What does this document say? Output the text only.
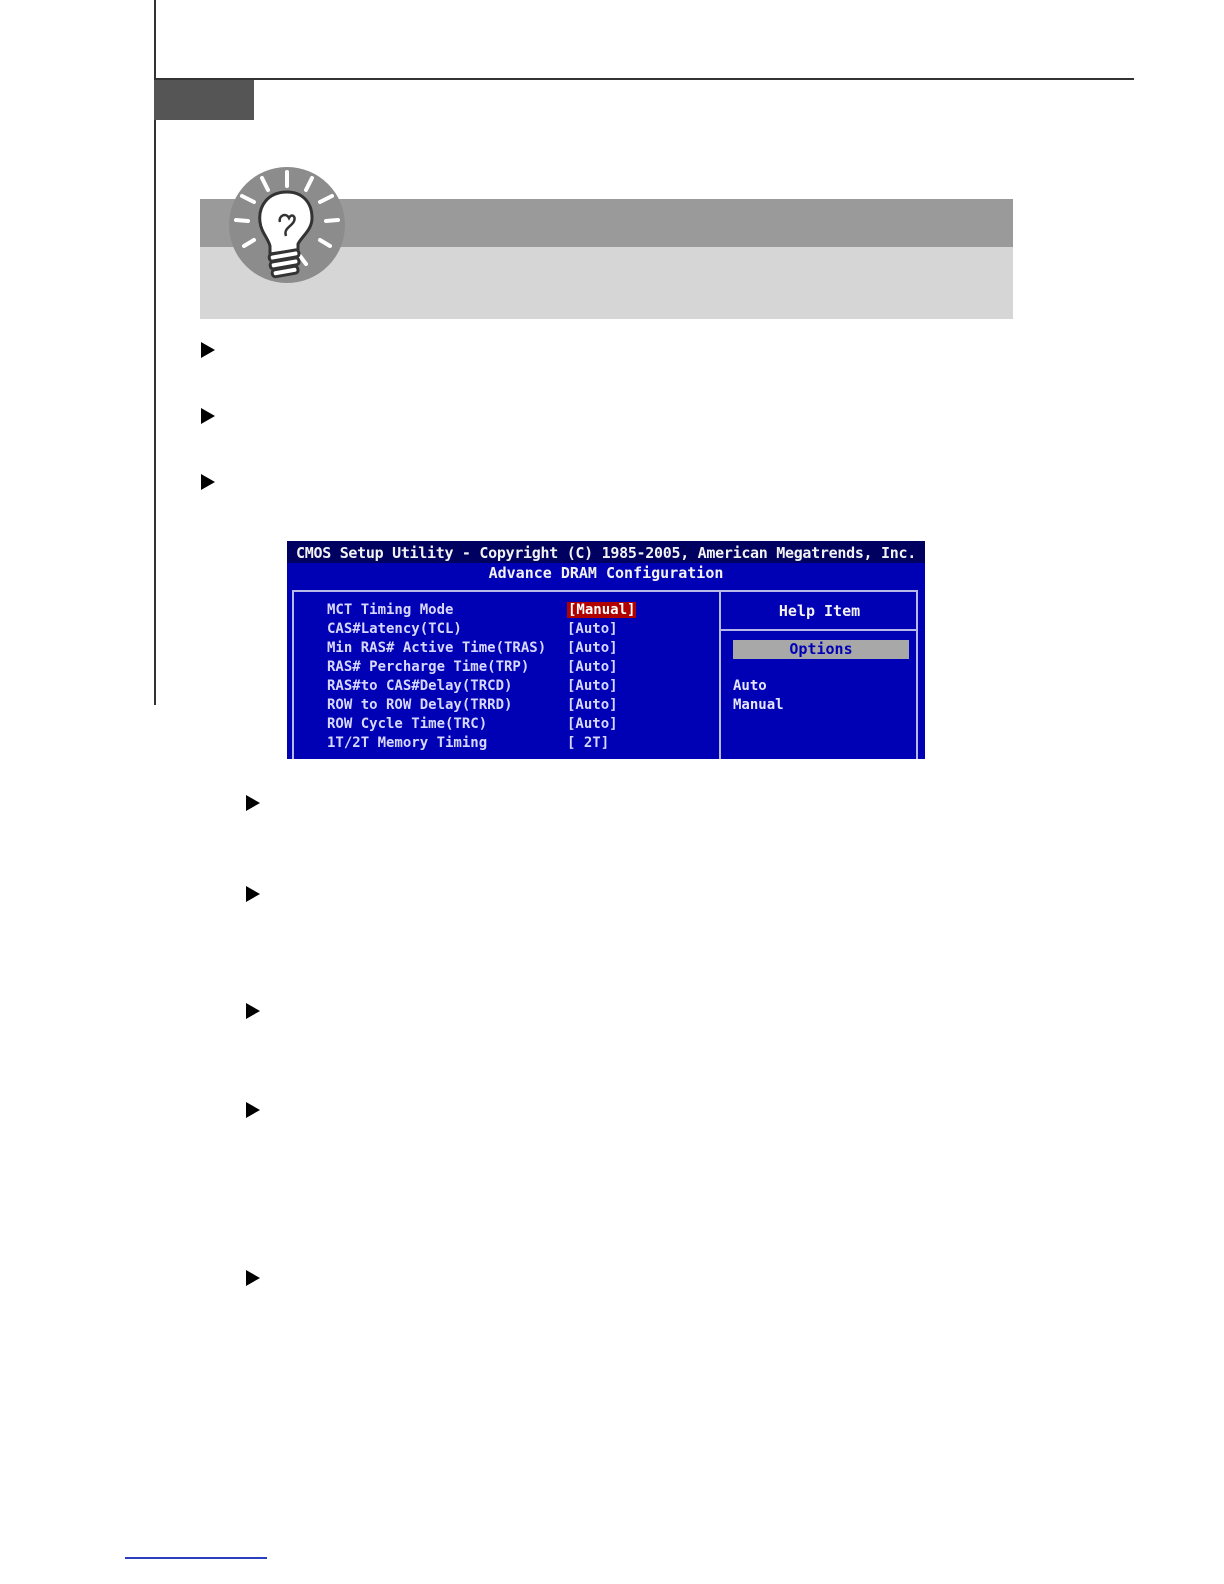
CMOS Setup Utility - Copyright (C) 1985-2005, American Megatrends, Inc.
Advance DRAM Configuration
MCT Timing Mode	[Manual]
CAS#Latency(TCL)	[Auto]
Min RAS# Active Time(TRAS) [Auto]
RAS# Percharge Time(TRP)	[Auto]
RAS#to CAS#Delay(TRCD)	[Auto]
ROW to ROW Delay(TRRD)	[Auto]
ROW Cycle Time(TRC)	[Auto]
1T/2T Memory Timing	[ 2T]
Help Item
Options
Auto
Manual
